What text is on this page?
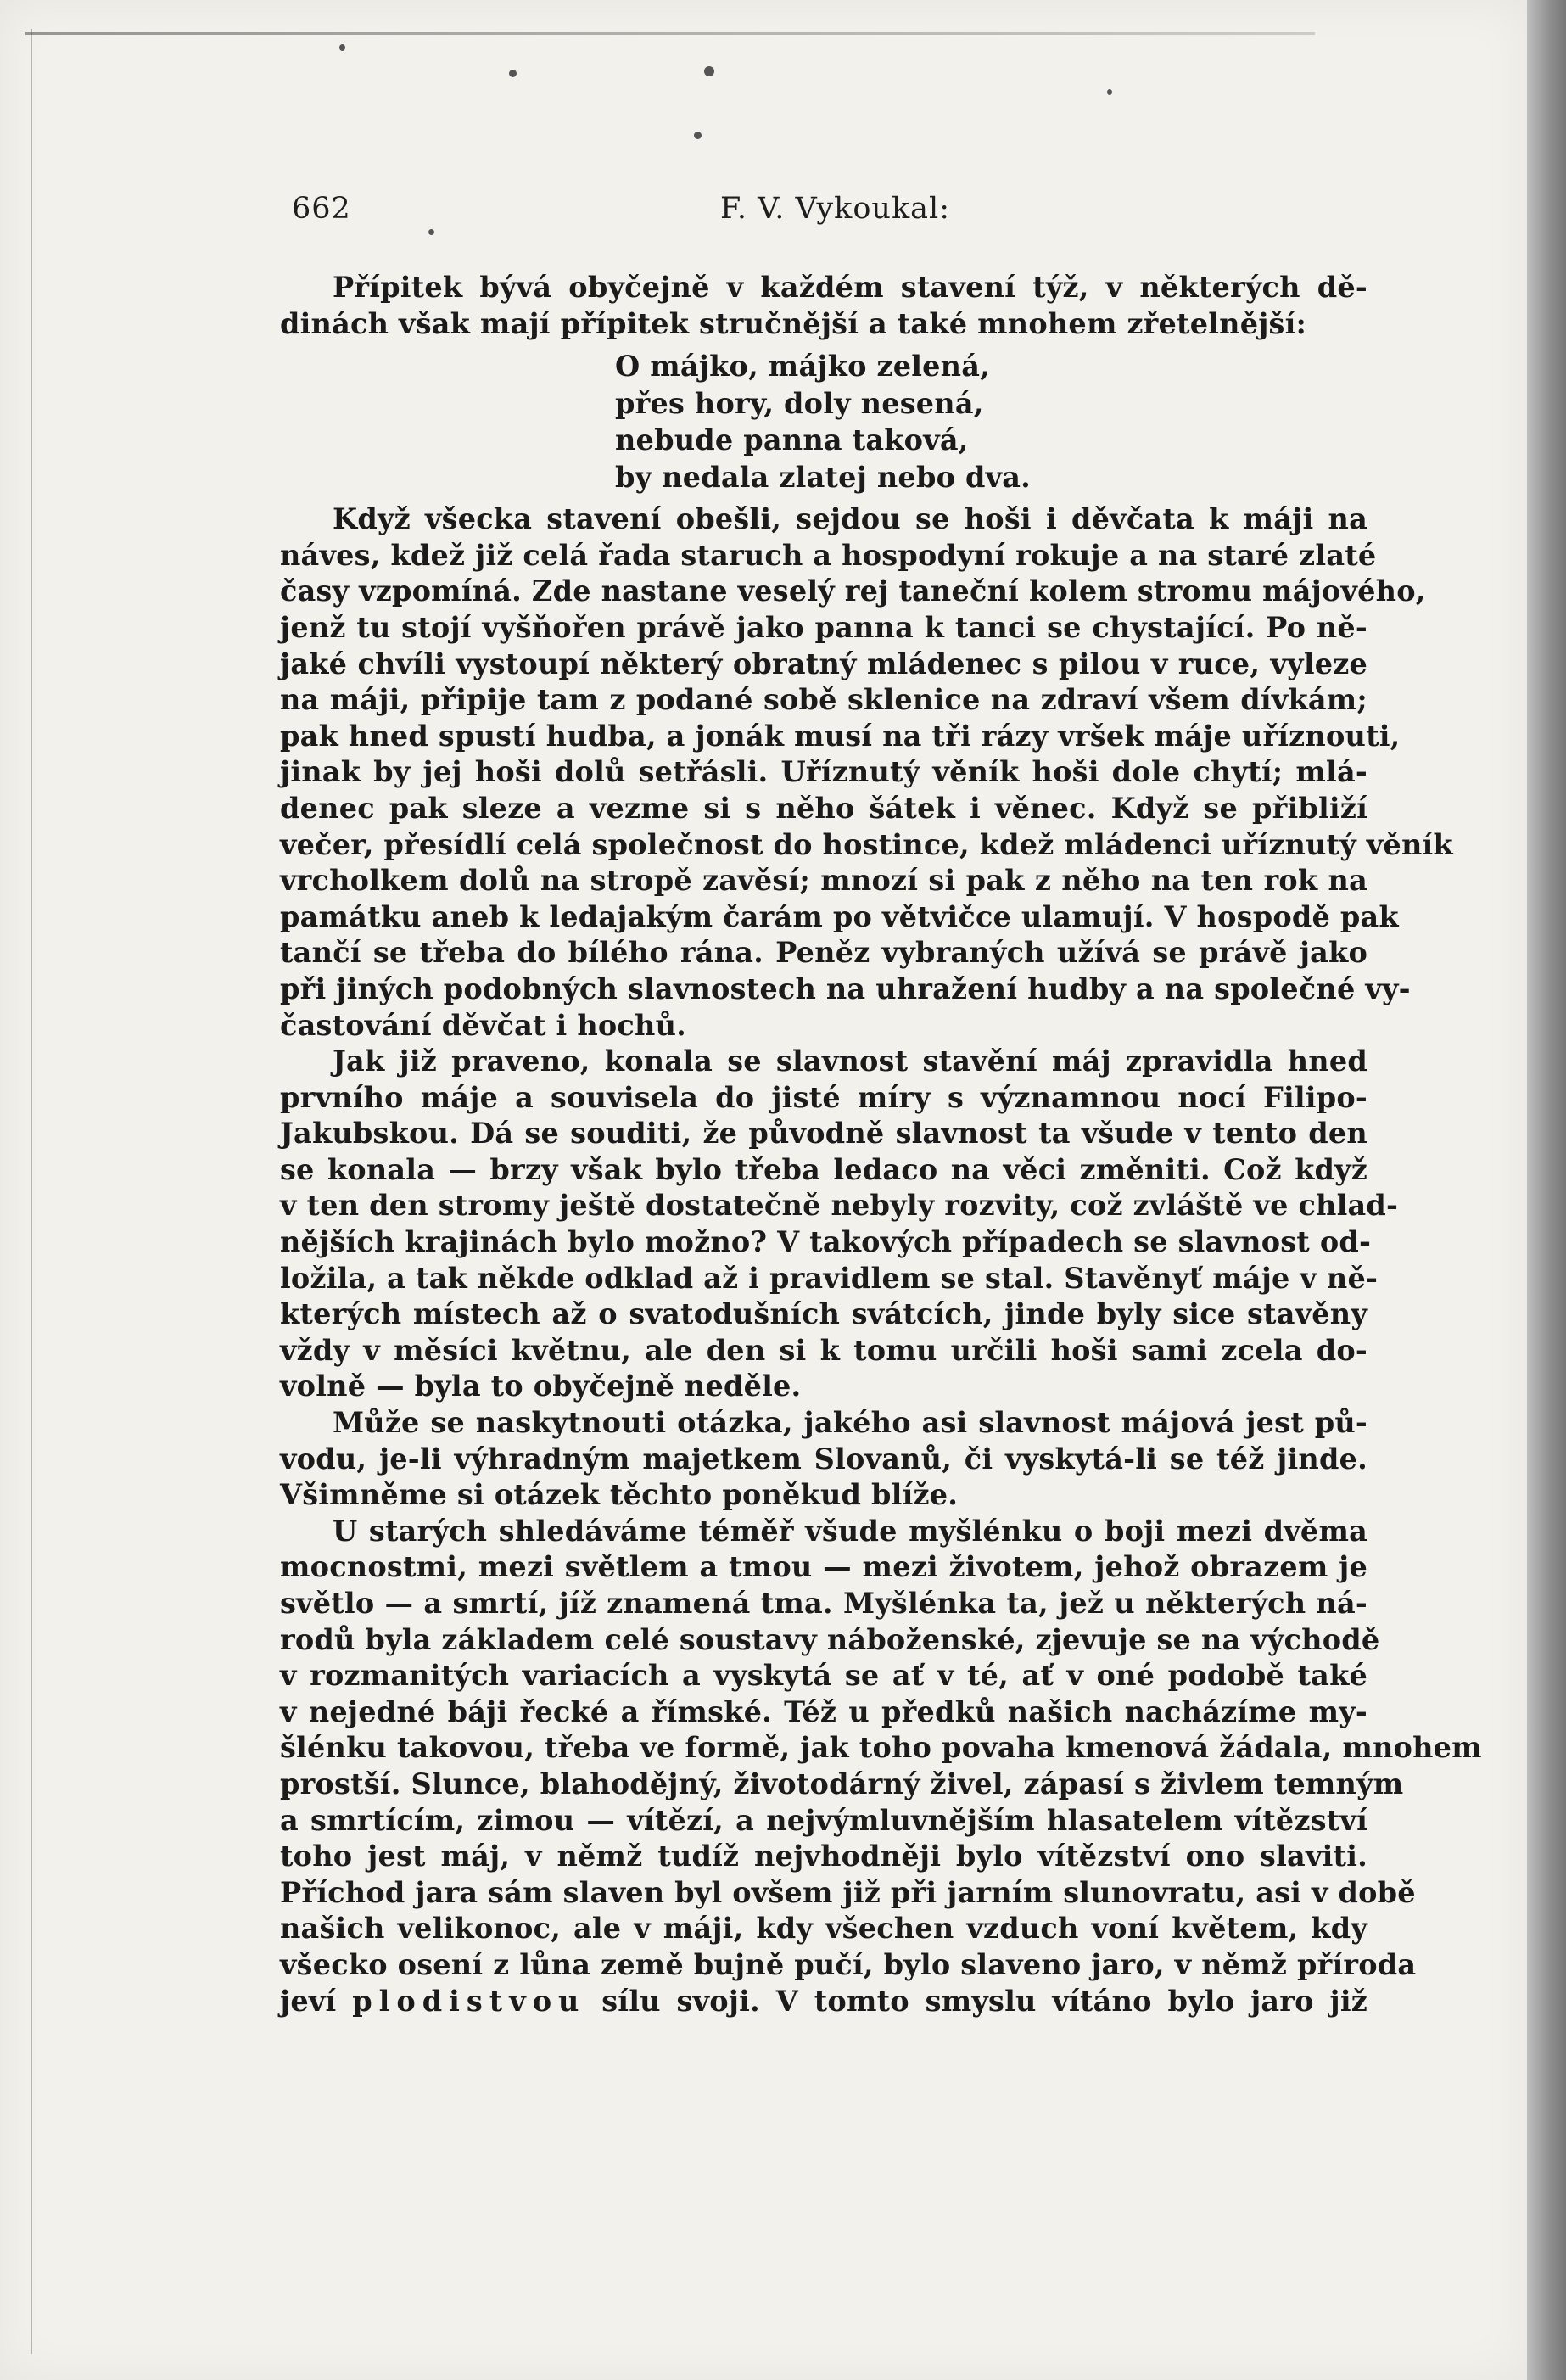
662	F. V. Vykoukal:
Přípitek bývá obyčejně v každém stavení týž, v některých dě-
dinách však mají přípitek stručnější a také mnohem zřetelnější:
O májko, májko zelená,
přes hory, doly nesená,
nebude panna taková,
by nedala zlatej nebo dva.
Když všecka stavení obešli, sejdou se hoši i děvčata k máji na
náves, kdež již celá řada staruch a hospodyní rokuje a na staré zlaté
časy vzpomíná. Zde nastane veselý rej taneční kolem stromu májového,
jenž tu stojí vyšňořen právě jako panna k tanci se chystající. Po ně-
jaké chvíli vystoupí některý obratný mládenec s pilou v ruce, vyleze
na máji, připije tam z podané sobě sklenice na zdraví všem dívkám;
pak hned spustí hudba, a jonák musí na tři rázy vršek máje uříznouti,
jinak by jej hoši dolů setřásli. Uříznutý věník hoši dole chytí; mlá-
denec pak sleze a vezme si s něho šátek i věnec. Když se přibliží
večer, přesídlí celá společnost do hostince, kdež mládenci uříznutý věník
vrcholkem dolů na stropě zavěsí; mnozí si pak z něho na ten rok na
památku aneb k ledajakým čarám po větvičce ulamují. V hospodě pak
tančí se třeba do bílého rána. Peněz vybraných užívá se právě jako
při jiných podobných slavnostech na uhražení hudby a na společné vy-
častování děvčat i hochů.
Jak již praveno, konala se slavnost stavění máj zpravidla hned
prvního máje a souvisela do jisté míry s významnou nocí Filipo-
Jakubskou. Dá se souditi, že původně slavnost ta všude v tento den
se konala — brzy však bylo třeba ledaco na věci změniti. Což když
v ten den stromy ještě dostatečně nebyly rozvity, což zvláště ve chlad-
nějších krajinách bylo možno? V takových případech se slavnost od-
ložila, a tak někde odklad až i pravidlem se stal. Stavěnyť máje v ně-
kterých místech až o svatodušních svátcích, jinde byly sice stavěny
vždy v měsíci květnu, ale den si k tomu určili hoši sami zcela do-
volně — byla to obyčejně neděle.
Může se naskytnouti otázka, jakého asi slavnost májová jest pů-
vodu, je-li výhradným majetkem Slovanů, či vyskytá-li se též jinde.
Všimněme si otázek těchto poněkud blíže.
U starých shledáváme téměř všude myšlénku o boji mezi dvěma
mocnostmi, mezi světlem a tmou — mezi životem, jehož obrazem je
světlo — a smrtí, jíž znamená tma. Myšlénka ta, jež u některých ná-
rodů byla základem celé soustavy náboženské, zjevuje se na východě
v rozmanitých variacích a vyskytá se ať v té, ať v oné podobě také
v nejedné báji řecké a římské. Též u předků našich nacházíme my-
šlénku takovou, třeba ve formě, jak toho povaha kmenová žádala, mnohem
prostší. Slunce, blahodějný, životodárný živel, zápasí s živlem temným
a smrtícím, zimou — vítězí, a nejvýmluvnějším hlasatelem vítězství
toho jest máj, v němž tudíž nejvhodněji bylo vítězství ono slaviti.
Příchod jara sám slaven byl ovšem již při jarním slunovratu, asi v době
našich velikonoc, ale v máji, kdy všechen vzduch voní květem, kdy
všecko osení z lůna země bujně pučí, bylo slaveno jaro, v němž příroda
jeví plodistvou sílu svoji. V tomto smyslu vítáno bylo jaro již
